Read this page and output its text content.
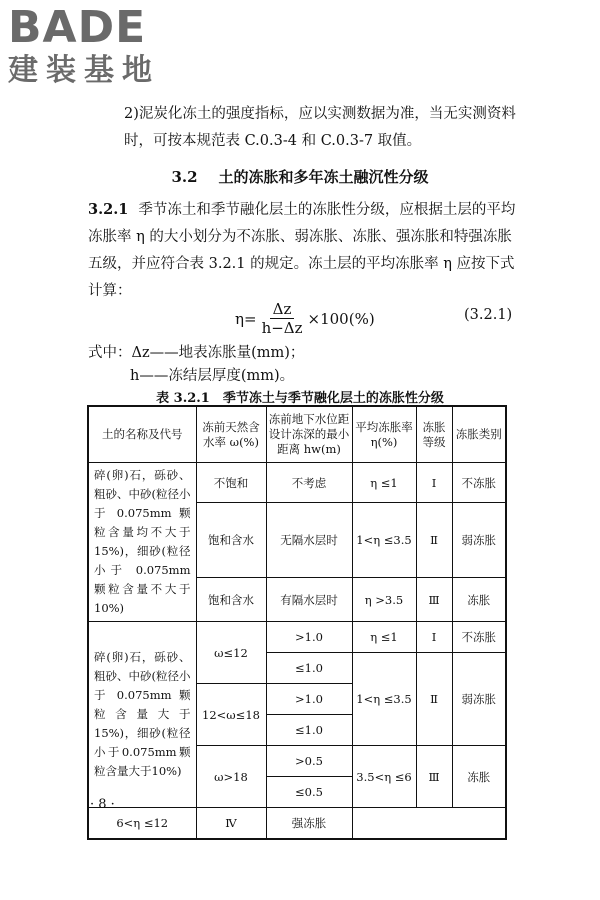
BADE
建装基地
2)泥炭化冻土的强度指标，应以实测数据为准，当无实测资料时，可按本规范表 C.0.3-4 和 C.0.3-7 取值。
3.2 土的冻胀和多年冻土融沉性分级
3.2.1 季节冻土和季节融化层土的冻胀性分级，应根据土层的平均冻胀率 η 的大小划分为不冻胀、弱冻胀、冻胀、强冻胀和特强冻胀五级，并应符合表 3.2.1 的规定。冻土层的平均冻胀率 η 应按下式计算：
$\eta= \frac{\Delta z}{h-\Delta z} \times 100(\%)$	(3.2.1)
式中：Δz——地表冻胀量(mm)；
h——冻结层厚度(mm)。
表 3.2.1　季节冻土与季节融化层土的冻胀性分级
土的名称及代号	冻前天然含水率 ω(%)	冻前地下水位距设计冻深的最小距离 hw(m)	平均冻胀率 η(%)	冻胀等级	冻胀类别
碎(卵)石，砾砂、粗砂、中砂(粒径小于 0.075mm 颗粒含量均不大于15%)，细砂(粒径小于 0.075mm 颗粒含量不大于10%)	不饱和	不考虑	η ≤1	Ⅰ	不冻胀
	饱和含水	无隔水层时	1<η ≤3.5	Ⅱ	弱冻胀
	饱和含水	有隔水层时	η >3.5	Ⅲ	冻胀
碎(卵)石，砾砂、粗砂、中砂(粒径小于 0.075mm 颗粒含量大于15%)，细砂(粒径小于0.075mm颗粒含量大于10%)	ω≤12	>1.0	η ≤1	Ⅰ	不冻胀
		≤1.0	1<η ≤3.5	Ⅱ	弱冻胀
	12<ω≤18	>1.0			
		≤1.0			
	ω>18	>0.5	3.5<η ≤6	Ⅲ	冻胀
		≤0.5			
6<η ≤12	Ⅳ	强冻胀			
· 8 ·
